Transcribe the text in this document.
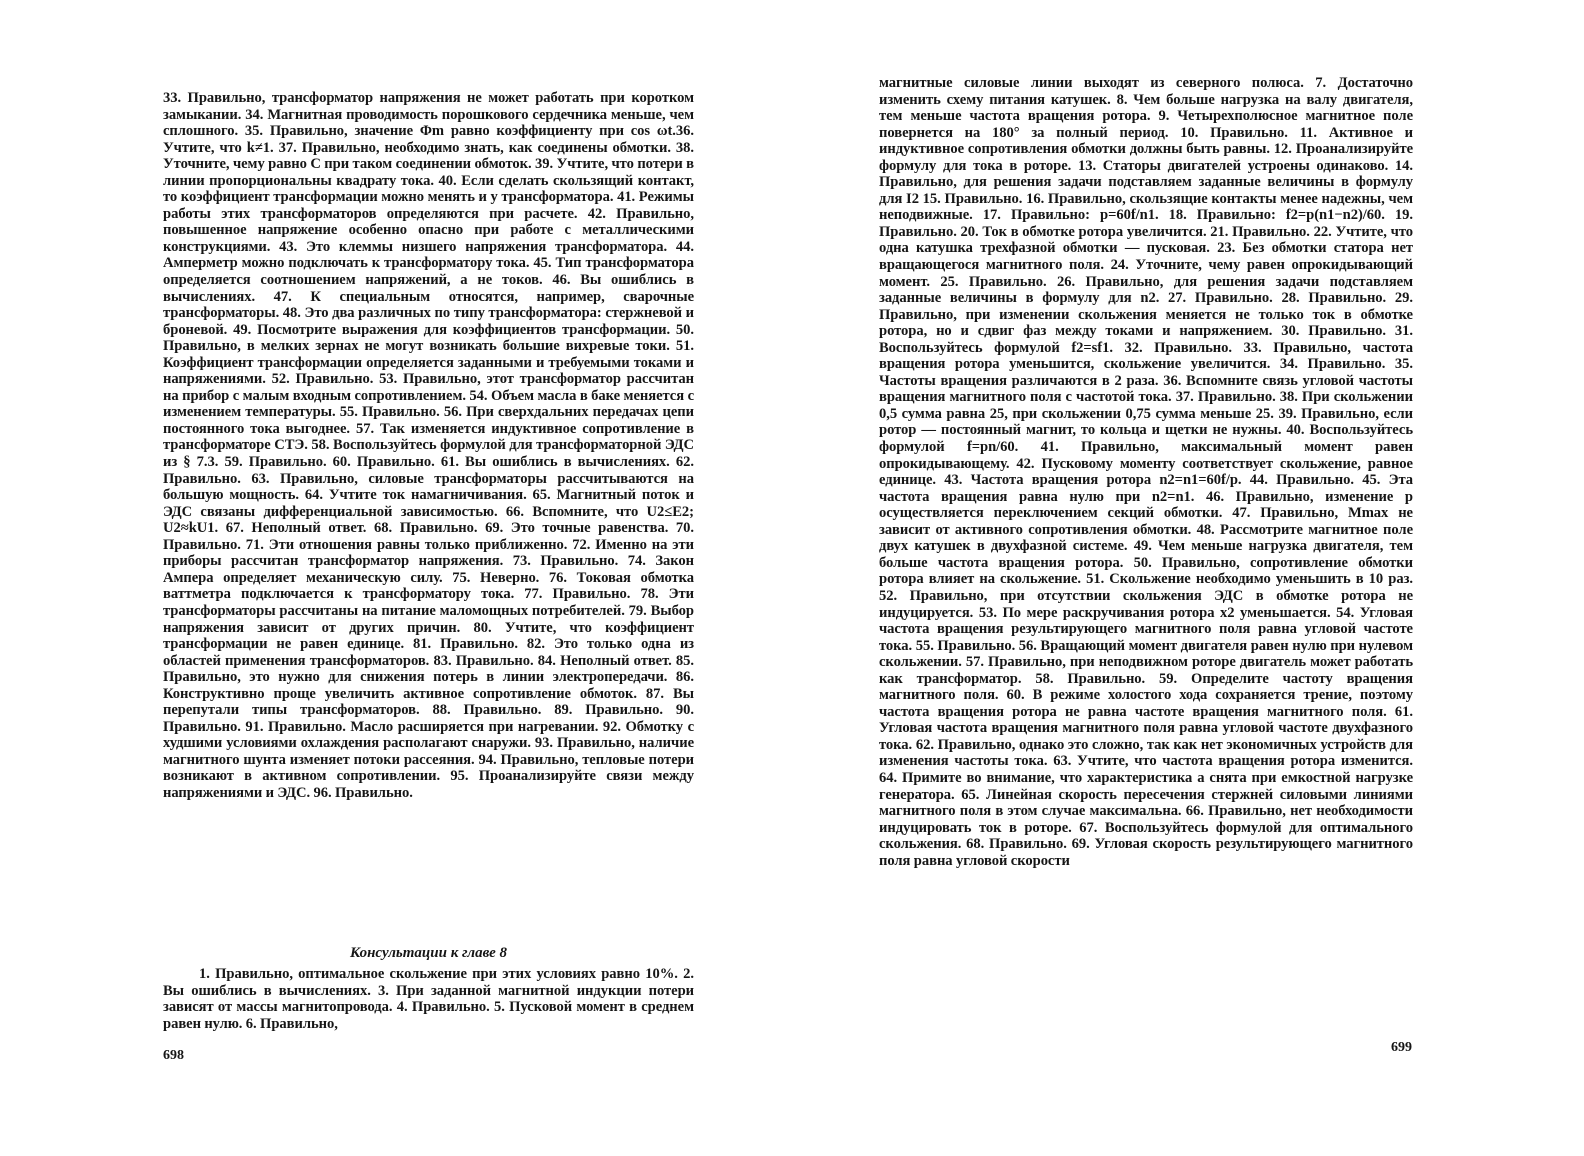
33. Правильно, трансформатор напряжения не может работать при коротком замыкании. 34. Магнитная проводимость порошкового сердечника меньше, чем сплошного. 35. Правильно, значение Φm равно коэффициенту при cos ωt.36. Учтите, что k≠1. 37. Правильно, необходимо знать, как соединены обмотки. 38. Уточните, чему равно C при таком соединении обмоток. 39. Учтите, что потери в линии пропорциональны квадрату тока. 40. Если сделать скользящий контакт, то коэффициент трансформации можно менять и у трансформатора. 41. Режимы работы этих трансформаторов определяются при расчете. 42. Правильно, повышенное напряжение особенно опасно при работе с металлическими конструкциями. 43. Это клеммы низшего напряжения трансформатора. 44. Амперметр можно подключать к трансформатору тока. 45. Тип трансформатора определяется соотношением напряжений, а не токов. 46. Вы ошиблись в вычислениях. 47. К специальным относятся, например, сварочные трансформаторы. 48. Это два различных по типу трансформатора: стержневой и броневой. 49. Посмотрите выражения для коэффициентов трансформации. 50. Правильно, в мелких зернах не могут возникать большие вихревые токи. 51. Коэффициент трансформации определяется заданными и требуемыми токами и напряжениями. 52. Правильно. 53. Правильно, этот трансформатор рассчитан на прибор с малым входным сопротивлением. 54. Объем масла в баке меняется с изменением температуры. 55. Правильно. 56. При сверхдальних передачах цепи постоянного тока выгоднее. 57. Так изменяется индуктивное сопротивление в трансформаторе СТЭ. 58. Воспользуйтесь формулой для трансформаторной ЭДС из § 7.3. 59. Правильно. 60. Правильно. 61. Вы ошиблись в вычислениях. 62. Правильно. 63. Правильно, силовые трансформаторы рассчитываются на большую мощность. 64. Учтите ток намагничивания. 65. Магнитный поток и ЭДС связаны дифференциальной зависимостью. 66. Вспомните, что U2≤E2; U2≈kU1. 67. Неполный ответ. 68. Правильно. 69. Это точные равенства. 70. Правильно. 71. Эти отношения равны только приближенно. 72. Именно на эти приборы рассчитан трансформатор напряжения. 73. Правильно. 74. Закон Ампера определяет механическую силу. 75. Неверно. 76. Токовая обмотка ваттметра подключается к трансформатору тока. 77. Правильно. 78. Эти трансформаторы рассчитаны на питание маломощных потребителей. 79. Выбор напряжения зависит от других причин. 80. Учтите, что коэффициент трансформации не равен единице. 81. Правильно. 82. Это только одна из областей применения трансформаторов. 83. Правильно. 84. Неполный ответ. 85. Правильно, это нужно для снижения потерь в линии электропередачи. 86. Конструктивно проще увеличить активное сопротивление обмоток. 87. Вы перепутали типы трансформаторов. 88. Правильно. 89. Правильно. 90. Правильно. 91. Правильно. Масло расширяется при нагревании. 92. Обмотку с худшими условиями охлаждения располагают снаружи. 93. Правильно, наличие магнитного шунта изменяет потоки рассеяния. 94. Правильно, тепловые потери возникают в активном сопротивлении. 95. Проанализируйте связи между напряжениями и ЭДС. 96. Правильно.
Консультации к главе 8
1. Правильно, оптимальное скольжение при этих условиях равно 10%. 2. Вы ошиблись в вычислениях. 3. При заданной магнитной индукции потери зависят от массы магнитопровода. 4. Правильно. 5. Пусковой момент в среднем равен нулю. 6. Правильно,
698
магнитные силовые линии выходят из северного полюса. 7. Достаточно изменить схему питания катушек. 8. Чем больше нагрузка на валу двигателя, тем меньше частота вращения ротора. 9. Четырехполюсное магнитное поле повернется на 180° за полный период. 10. Правильно. 11. Активное и индуктивное сопротивления обмотки должны быть равны. 12. Проанализируйте формулу для тока в роторе. 13. Статоры двигателей устроены одинаково. 14. Правильно, для решения задачи подставляем заданные величины в формулу для I2 15. Правильно. 16. Правильно, скользящие контакты менее надежны, чем неподвижные. 17. Правильно: p=60f/n1. 18. Правильно: f2=p(n1−n2)/60. 19. Правильно. 20. Ток в обмотке ротора увеличится. 21. Правильно. 22. Учтите, что одна катушка трехфазной обмотки — пусковая. 23. Без обмотки статора нет вращающегося магнитного поля. 24. Уточните, чему равен опрокидывающий момент. 25. Правильно. 26. Правильно, для решения задачи подставляем заданные величины в формулу для n2. 27. Правильно. 28. Правильно. 29. Правильно, при изменении скольжения меняется не только ток в обмотке ротора, но и сдвиг фаз между токами и напряжением. 30. Правильно. 31. Воспользуйтесь формулой f2=sf1. 32. Правильно. 33. Правильно, частота вращения ротора уменьшится, скольжение увеличится. 34. Правильно. 35. Частоты вращения различаются в 2 раза. 36. Вспомните связь угловой частоты вращения магнитного поля с частотой тока. 37. Правильно. 38. При скольжении 0,5 сумма равна 25, при скольжении 0,75 сумма меньше 25. 39. Правильно, если ротор — постоянный магнит, то кольца и щетки не нужны. 40. Воспользуйтесь формулой f=pn/60. 41. Правильно, максимальный момент равен опрокидывающему. 42. Пусковому моменту соответствует скольжение, равное единице. 43. Частота вращения ротора n2=n1=60f/p. 44. Правильно. 45. Эта частота вращения равна нулю при n2=n1. 46. Правильно, изменение p осуществляется переключением секций обмотки. 47. Правильно, Mmax не зависит от активного сопротивления обмотки. 48. Рассмотрите магнитное поле двух катушек в двухфазной системе. 49. Чем меньше нагрузка двигателя, тем больше частота вращения ротора. 50. Правильно, сопротивление обмотки ротора влияет на скольжение. 51. Скольжение необходимо уменьшить в 10 раз. 52. Правильно, при отсутствии скольжения ЭДС в обмотке ротора не индуцируется. 53. По мере раскручивания ротора x2 уменьшается. 54. Угловая частота вращения результирующего магнитного поля равна угловой частоте тока. 55. Правильно. 56. Вращающий момент двигателя равен нулю при нулевом скольжении. 57. Правильно, при неподвижном роторе двигатель может работать как трансформатор. 58. Правильно. 59. Определите частоту вращения магнитного поля. 60. В режиме холостого хода сохраняется трение, поэтому частота вращения ротора не равна частоте вращения магнитного поля. 61. Угловая частота вращения магнитного поля равна угловой частоте двухфазного тока. 62. Правильно, однако это сложно, так как нет экономичных устройств для изменения частоты тока. 63. Учтите, что частота вращения ротора изменится. 64. Примите во внимание, что характеристика a снята при емкостной нагрузке генератора. 65. Линейная скорость пересечения стержней силовыми линиями магнитного поля в этом случае максимальна. 66. Правильно, нет необходимости индуцировать ток в роторе. 67. Воспользуйтесь формулой для оптимального скольжения. 68. Правильно. 69. Угловая скорость результирующего магнитного поля равна угловой скорости
699
